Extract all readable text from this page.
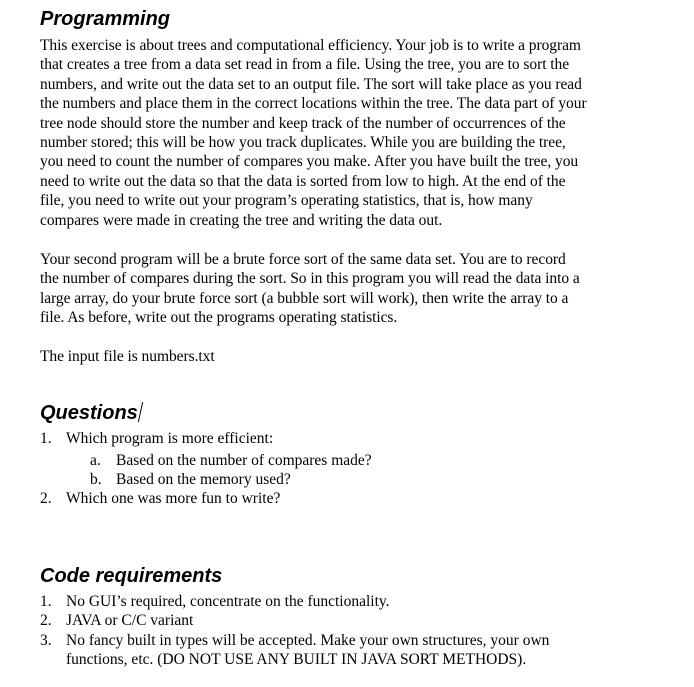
Programming
This exercise is about trees and computational efficiency. Your job is to write a program
that creates a tree from a data set read in from a file. Using the tree, you are to sort the
numbers, and write out the data set to an output file. The sort will take place as you read
the numbers and place them in the correct locations within the tree. The data part of your
tree node should store the number and keep track of the number of occurrences of the
number stored; this will be how you track duplicates. While you are building the tree,
you need to count the number of compares you make. After you have built the tree, you
need to write out the data so that the data is sorted from low to high. At the end of the
file, you need to write out your program’s operating statistics, that is, how many
compares were made in creating the tree and writing the data out.
Your second program will be a brute force sort of the same data set. You are to record
the number of compares during the sort. So in this program you will read the data into a
large array, do your brute force sort (a bubble sort will work), then write the array to a
file. As before, write out the programs operating statistics.
The input file is numbers.txt
Questions
1. Which program is more efficient:
a. Based on the number of compares made?
b. Based on the memory used?
2. Which one was more fun to write?
Code requirements
1. No GUI’s required, concentrate on the functionality.
2. JAVA or C/C variant
3. No fancy built in types will be accepted. Make your own structures, your own
functions, etc. (DO NOT USE ANY BUILT IN JAVA SORT METHODS).
